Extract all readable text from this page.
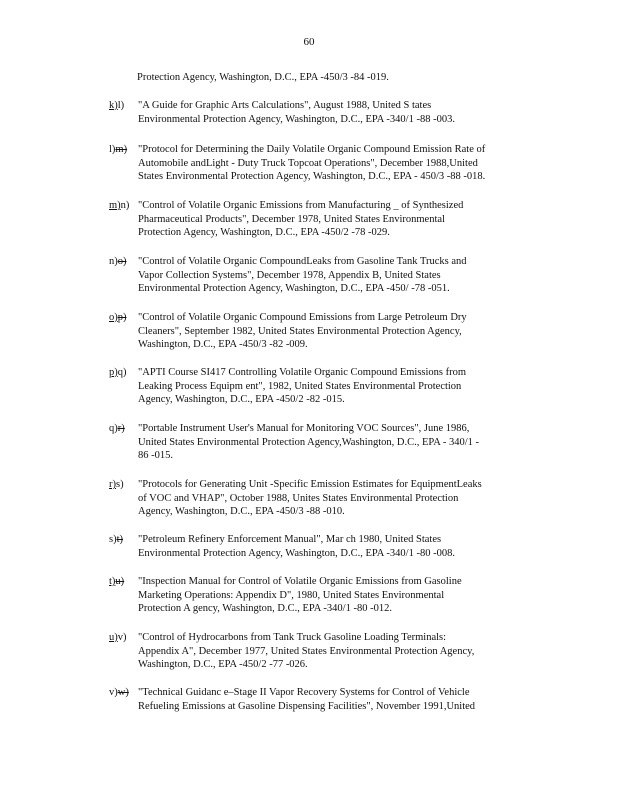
60
Protection Agency, Washington, D.C., EPA -450/3 -84 -019.
k)l)	"A Guide for Graphic Arts Calculations", August 1988, United S tates
Environmental Protection Agency, Washington, D.C., EPA -340/1 -88 -003.
l)m)	"Protocol for Determining the Daily Volatile Organic Compound Emission Rate of
Automobile andLight - Duty Truck Topcoat Operations", December 1988,United
States Environmental Protection Agency, Washington, D.C., EPA - 450/3 -88 -018.
m)n) "Control of Volatile Organic Emissions from Manufacturing _ of Synthesized
Pharmaceutical Products", December 1978, United States Environmental
Protection Agency, Washington, D.C., EPA -450/2 -78 -029.
n)o)	"Control of Volatile Organic CompoundLeaks from Gasoline Tank Trucks and
Vapor Collection Systems", December 1978, Appendix B, United States
Environmental Protection Agency, Washington, D.C., EPA -450/ -78 -051.
o)p)	"Control of Volatile Organic Compound Emissions from Large Petroleum Dry
Cleaners", September 1982, United States Environmental Protection Agency,
Washington, D.C., EPA -450/3 -82 -009.
p)q)	"APTI Course SI417 Controlling Volatile Organic Compound Emissions from
Leaking Process Equipm ent", 1982, United States Environmental Protection
Agency, Washington, D.C., EPA -450/2 -82 -015.
q)r)	"Portable Instrument User's Manual for Monitoring VOC Sources", June 1986,
United States Environmental Protection Agency,Washington, D.C., EPA - 340/1 -
86 -015.
r)s)	"Protocols for Generating Unit -Specific Emission Estimates for EquipmentLeaks
of VOC and VHAP", October 1988, Unites States Environmental Protection
Agency, Washington, D.C., EPA -450/3 -88 -010.
s)t)	"Petroleum Refinery Enforcement Manual", Mar ch 1980, United States
Environmental Protection Agency, Washington, D.C., EPA -340/1 -80 -008.
t)u)	"Inspection Manual for Control of Volatile Organic Emissions from Gasoline
Marketing Operations: Appendix D", 1980, United States Environmental
Protection A gency, Washington, D.C., EPA -340/1 -80 -012.
u)v)	"Control of Hydrocarbons from Tank Truck Gasoline Loading Terminals:
Appendix A", December 1977, United States Environmental Protection Agency,
Washington, D.C., EPA -450/2 -77 -026.
v)w) "Technical Guidanc e–Stage II Vapor Recovery Systems for Control of Vehicle
Refueling Emissions at Gasoline Dispensing Facilities", November 1991,United
